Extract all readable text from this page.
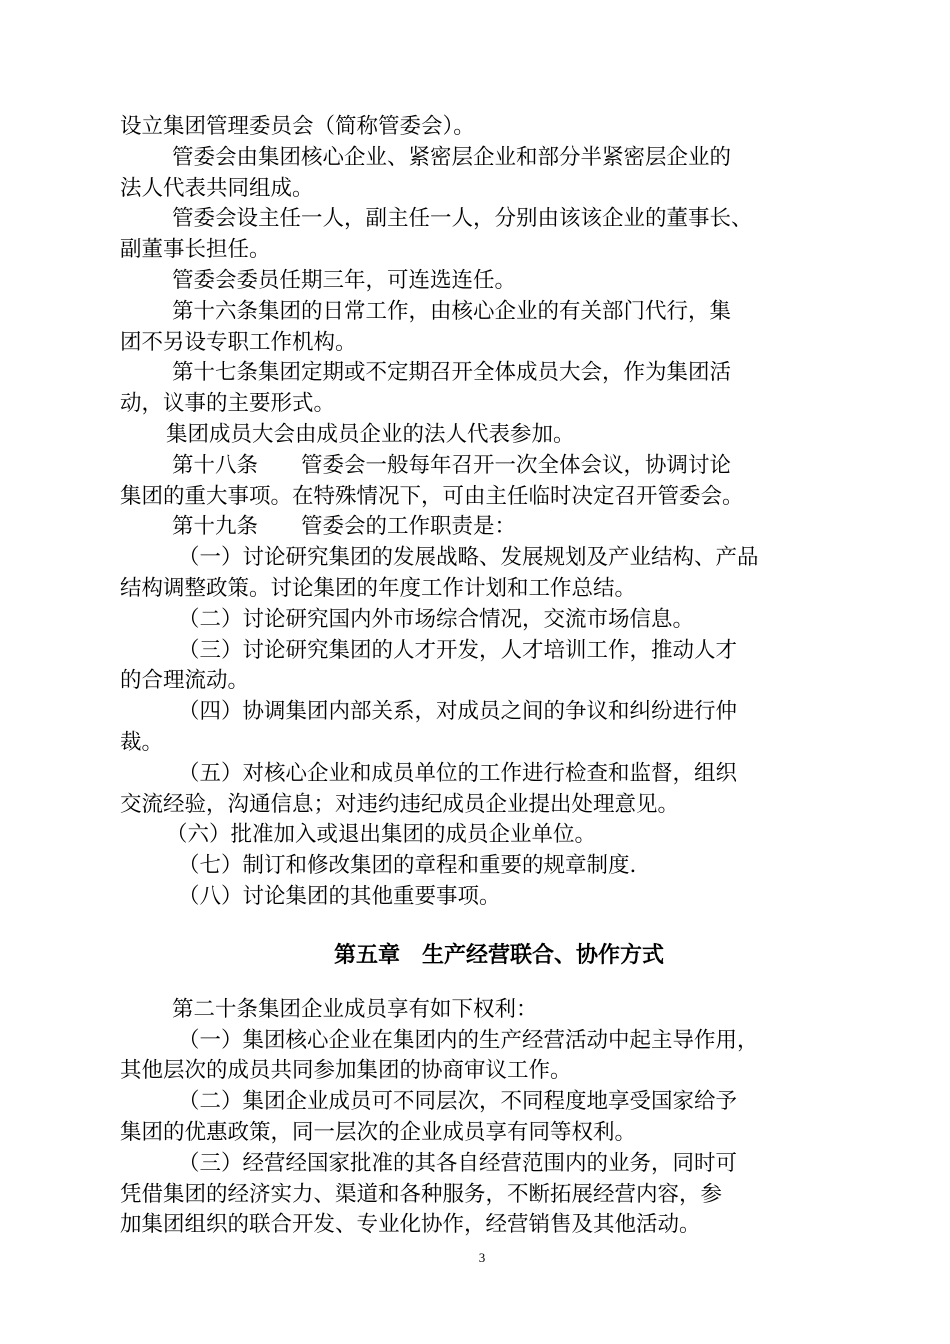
设立集团管理委员会（简称管委会）。
管委会由集团核心企业、紧密层企业和部分半紧密层企业的
法人代表共同组成。
管委会设主任一人，副主任一人，分别由该该企业的董事长、
副董事长担任。
管委会委员任期三年，可连选连任。
第十六条集团的日常工作，由核心企业的有关部门代行，集
团不另设专职工作机构。
第十七条集团定期或不定期召开全体成员大会，作为集团活
动，议事的主要形式。
集团成员大会由成员企业的法人代表参加。
第十八条　　管委会一般每年召开一次全体会议，协调讨论
集团的重大事项。在特殊情况下，可由主任临时决定召开管委会。
第十九条　　管委会的工作职责是：
（一）讨论研究集团的发展战略、发展规划及产业结构、产品
结构调整政策。讨论集团的年度工作计划和工作总结。
（二）讨论研究国内外市场综合情况，交流市场信息。
（三）讨论研究集团的人才开发，人才培训工作，推动人才
的合理流动。
（四）协调集团内部关系，对成员之间的争议和纠纷进行仲
裁。
（五）对核心企业和成员单位的工作进行检查和监督，组织
交流经验，沟通信息；对违约违纪成员企业提出处理意见。
（六）批准加入或退出集团的成员企业单位。
（七）制订和修改集团的章程和重要的规章制度.
（八）讨论集团的其他重要事项。
第五章　生产经营联合、协作方式
第二十条集团企业成员享有如下权利：
（一）集团核心企业在集团内的生产经营活动中起主导作用，
其他层次的成员共同参加集团的协商审议工作。
（二）集团企业成员可不同层次，不同程度地享受国家给予
集团的优惠政策，同一层次的企业成员享有同等权利。
（三）经营经国家批准的其各自经营范围内的业务，同时可
凭借集团的经济实力、渠道和各种服务，不断拓展经营内容，参
加集团组织的联合开发、专业化协作，经营销售及其他活动。
3
